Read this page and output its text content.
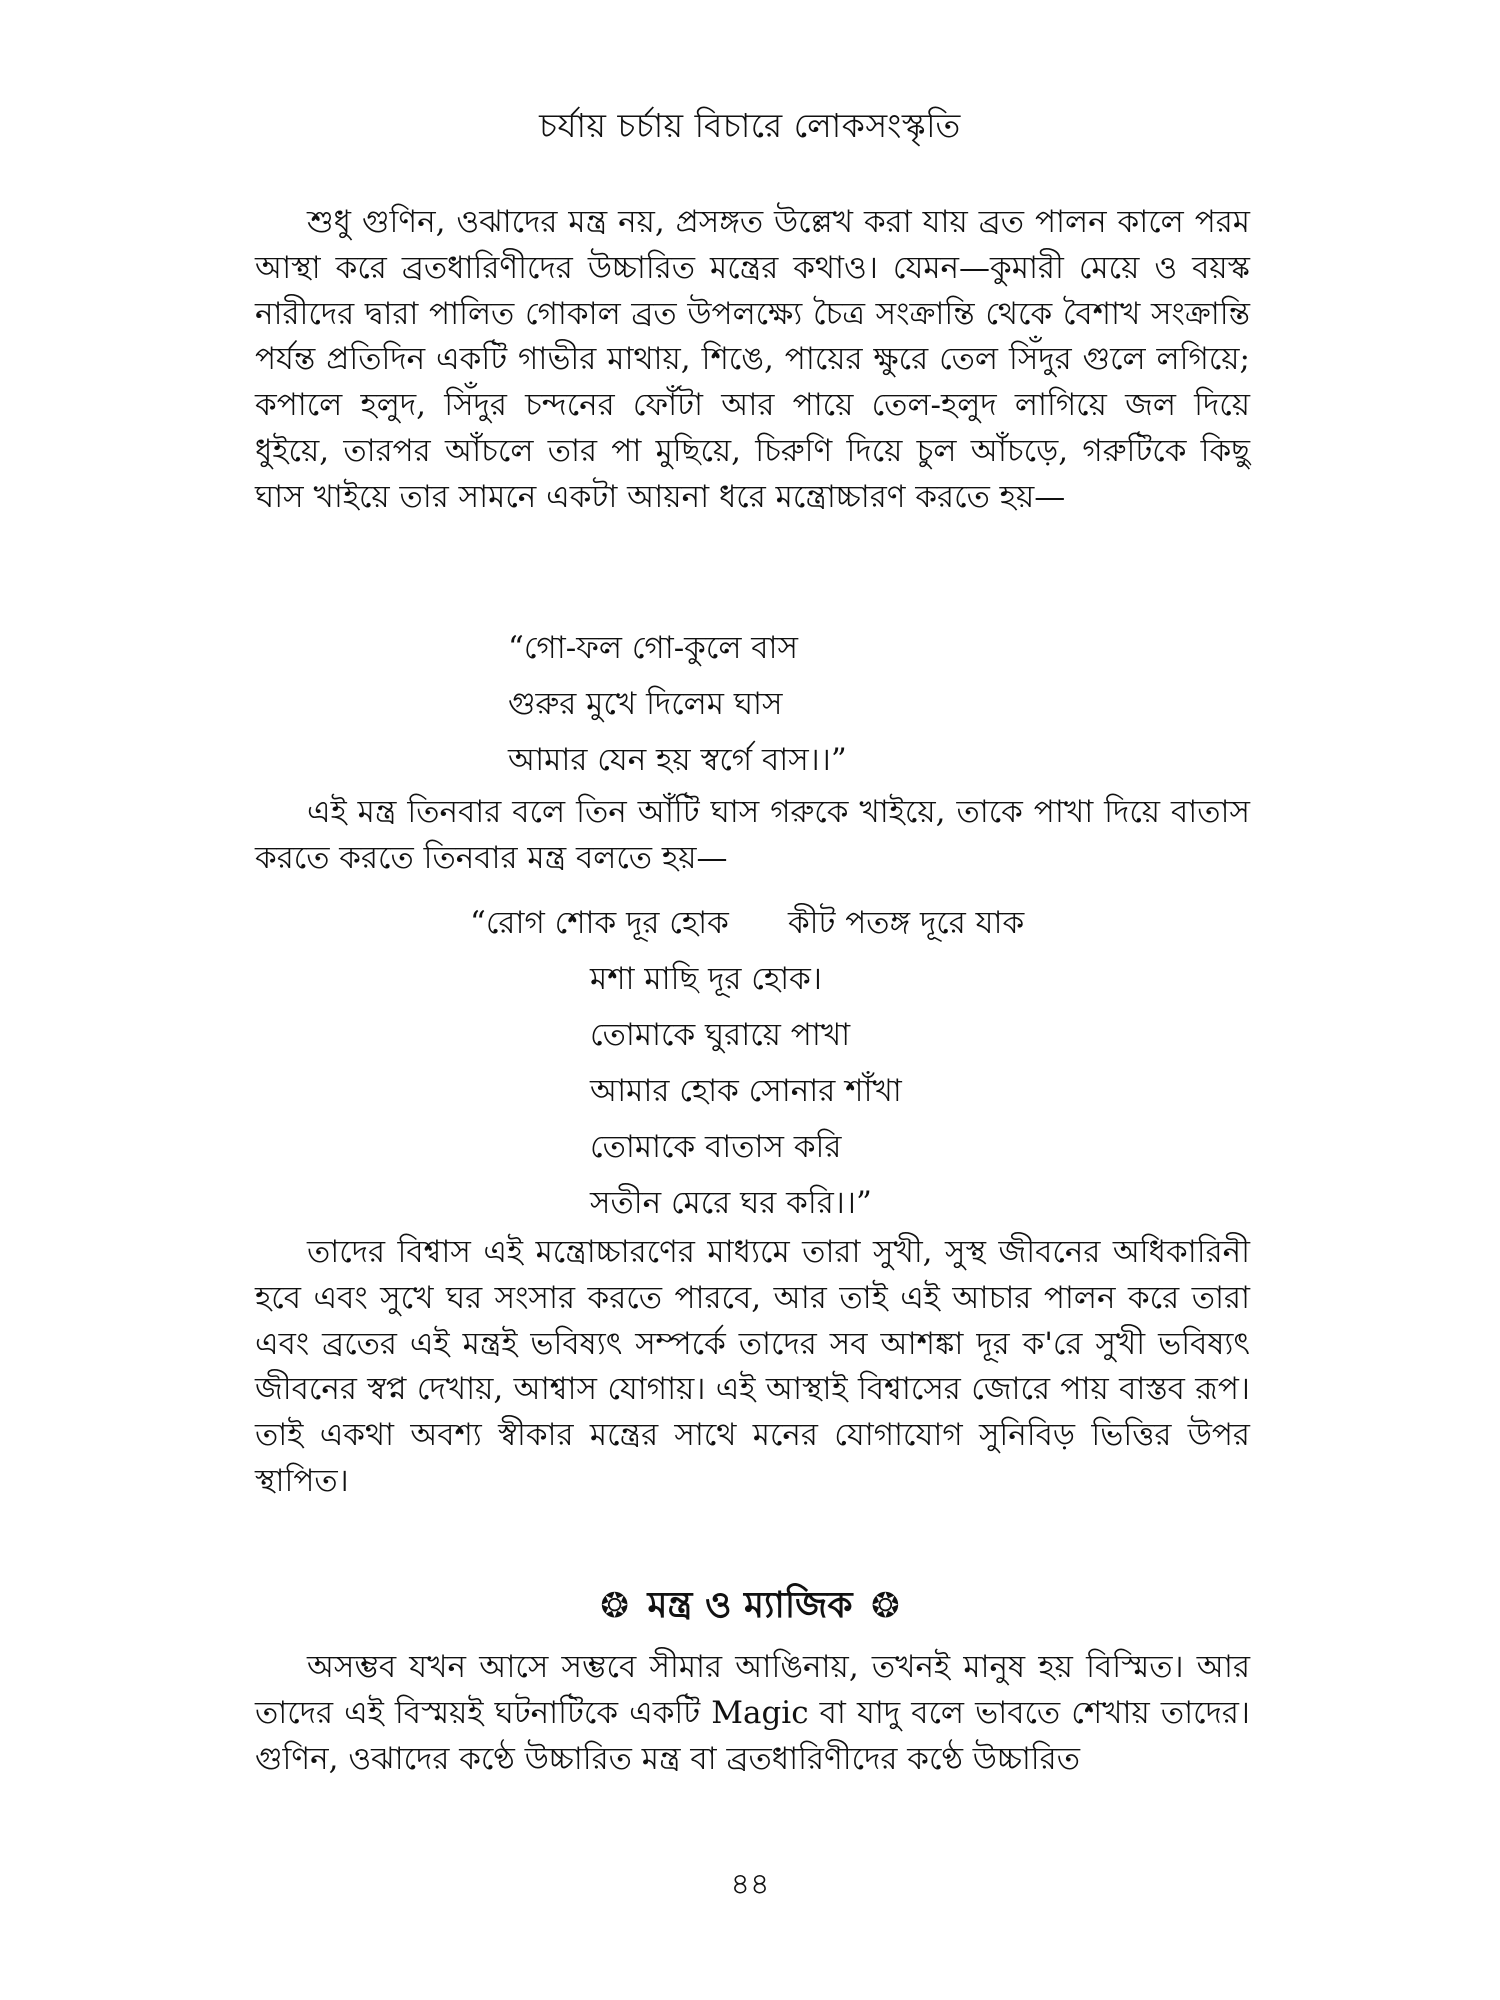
চর্যায় চর্চায় বিচারে লোকসংস্কৃতি

শুধু গুণিন, ওঝাদের মন্ত্র নয়, প্রসঙ্গত উল্লেখ করা যায় ব্রত পালন কালে পরম আস্থা করে ব্রতধারিণীদের উচ্চারিত মন্ত্রের কথাও। যেমন—কুমারী মেয়ে ও বয়স্ক নারীদের দ্বারা পালিত গোকাল ব্রত উপলক্ষ্যে চৈত্র সংক্রান্তি থেকে বৈশাখ সংক্রান্তি পর্যন্ত প্রতিদিন একটি গাভীর মাথায়, শিঙে, পায়ের ক্ষুরে তেল সিঁদুর গুলে লগিয়ে; কপালে হলুদ, সিঁদুর চন্দনের ফোঁটা আর পায়ে তেল-হলুদ লাগিয়ে জল দিয়ে ধুইয়ে, তারপর আঁচলে তার পা মুছিয়ে, চিরুণি দিয়ে চুল আঁচড়ে, গরুটিকে কিছু ঘাস খাইয়ে তার সামনে একটা আয়না ধরে মন্ত্রোচ্চারণ করতে হয়—

“গো-ফল গো-কুলে বাস
গুরুর মুখে দিলেম ঘাস
আমার যেন হয় স্বর্গে বাস।।”

এই মন্ত্র তিনবার বলে তিন আঁটি ঘাস গরুকে খাইয়ে, তাকে পাখা দিয়ে বাতাস করতে করতে তিনবার মন্ত্র বলতে হয়—

“রোগ শোক দূর হোক কীট পতঙ্গ দূরে যাক
মশা মাছি দূর হোক।
তোমাকে ঘুরায়ে পাখা
আমার হোক সোনার শাঁখা
তোমাকে বাতাস করি
সতীন মেরে ঘর করি।।”

তাদের বিশ্বাস এই মন্ত্রোচ্চারণের মাধ্যমে তারা সুখী, সুস্থ জীবনের অধিকারিনী হবে এবং সুখে ঘর সংসার করতে পারবে, আর তাই এই আচার পালন করে তারা এবং ব্রতের এই মন্ত্রই ভবিষ্যৎ সম্পর্কে তাদের সব আশঙ্কা দূর ক'রে সুখী ভবিষ্যৎ জীবনের স্বপ্ন দেখায়, আশ্বাস যোগায়। এই আস্থাই বিশ্বাসের জোরে পায় বাস্তব রূপ। তাই একথা অবশ্য স্বীকার মন্ত্রের সাথে মনের যোগাযোগ সুনিবিড় ভিত্তির উপর স্থাপিত।

❂ মন্ত্র ও ম্যাজিক ❂

অসম্ভব যখন আসে সম্ভবে সীমার আঙিনায়, তখনই মানুষ হয় বিস্মিত। আর তাদের এই বিস্ময়ই ঘটনাটিকে একটি Magic বা যাদু বলে ভাবতে শেখায় তাদের। গুণিন, ওঝাদের কণ্ঠে উচ্চারিত মন্ত্র বা ব্রতধারিণীদের কণ্ঠে উচ্চারিত

৪৪
